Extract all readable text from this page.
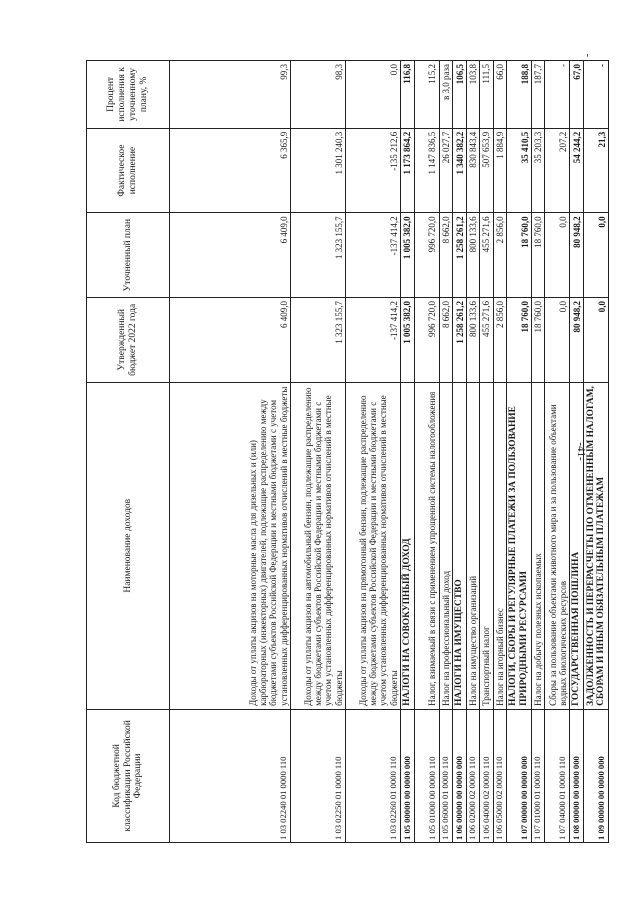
-41-
Код бюджетной классификации Российской Федерации	Наименование доходов	Утвержденный бюджет 2022 года	Уточненный план	Фактическое исполнение	Процент исполнения к уточненному плану, %
1 03 02240 01 0000 110	Доходы от уплаты акцизов на моторные масла для дизельных и (или) карбюраторных (инжекторных) двигателей, подлежащие распределению между бюджетами субъектов Российской Федерации и местными бюджетами с учетом установленных дифференцированных нормативов отчислений в местные бюджеты	6 409,0	6 409,0	6 365,9	99,3
1 03 02250 01 0000 110	Доходы от уплаты акцизов на автомобильный бензин, подлежащие распределению между бюджетами субъектов Российской Федерации и местными бюджетами с учетом установленных дифференцированных нормативов отчислений в местные бюджеты	1 323 155,7	1 323 155,7	1 301 240,3	98,3
1 03 02260 01 0000 110	Доходы от уплаты акцизов на прямогонный бензин, подлежащие распределению между бюджетами субъектов Российской Федерации и местными бюджетами с учетом установленных дифференцированных нормативов отчислений в местные бюджеты	-137 414,2	-137 414,2	-135 212,6	0,0
1 05 00000 00 0000 000	НАЛОГИ НА СОВОКУПНЫЙ ДОХОД	1 005 382,0	1 005 382,0	1 173 864,2	116,8
1 05 01000 00 0000 110	Налог, взимаемый в связи с применением упрощенной системы налогообложения	996 720,0	996 720,0	1 147 836,5	115,2
1 05 06000 01 0000 110	Налог на профессиональный доход	8 662,0	8 662,0	26 027,7	в 3,0 раза
1 06 00000 00 0000 000	НАЛОГИ НА ИМУЩЕСТВО	1 258 261,2	1 258 261,2	1 340 382,2	106,5
1 06 02000 02 0000 110	Налог на имущество организаций	800 133,6	800 133,6	830 843,4	103,8
1 06 04000 02 0000 110	Транспортный налог	455 271,6	455 271,6	507 653,9	111,5
1 06 05000 02 0000 110	Налог на игорный бизнес	2 856,0	2 856,0	1 884,9	66,0
1 07 00000 00 0000 000	НАЛОГИ, СБОРЫ И РЕГУЛЯРНЫЕ ПЛАТЕЖИ ЗА ПОЛЬЗОВАНИЕ ПРИРОДНЫМИ РЕСУРСАМИ	18 760,0	18 760,0	35 410,5	188,8
1 07 01000 01 0000 110	Налог на добычу полезных ископаемых	18 760,0	18 760,0	35 203,3	187,7
1 07 04000 01 0000 110	Сборы за пользование объектами животного мира и за пользование объектами водных биологических ресурсов	0,0	0,0	207,2	-
1 08 00000 00 0000 000	ГОСУДАРСТВЕННАЯ ПОШЛИНА	80 948,2	80 948,2	54 244,2	67,0
1 09 00000 00 0000 000	ЗАДОЛЖЕННОСТЬ И ПЕРЕРАСЧЕТЫ ПО ОТМЕНЕННЫМ НАЛОГАМ, СБОРАМ И ИНЫМ ОБЯЗАТЕЛЬНЫМ ПЛАТЕЖАМ	0,0	0,0	21,3	-
-
